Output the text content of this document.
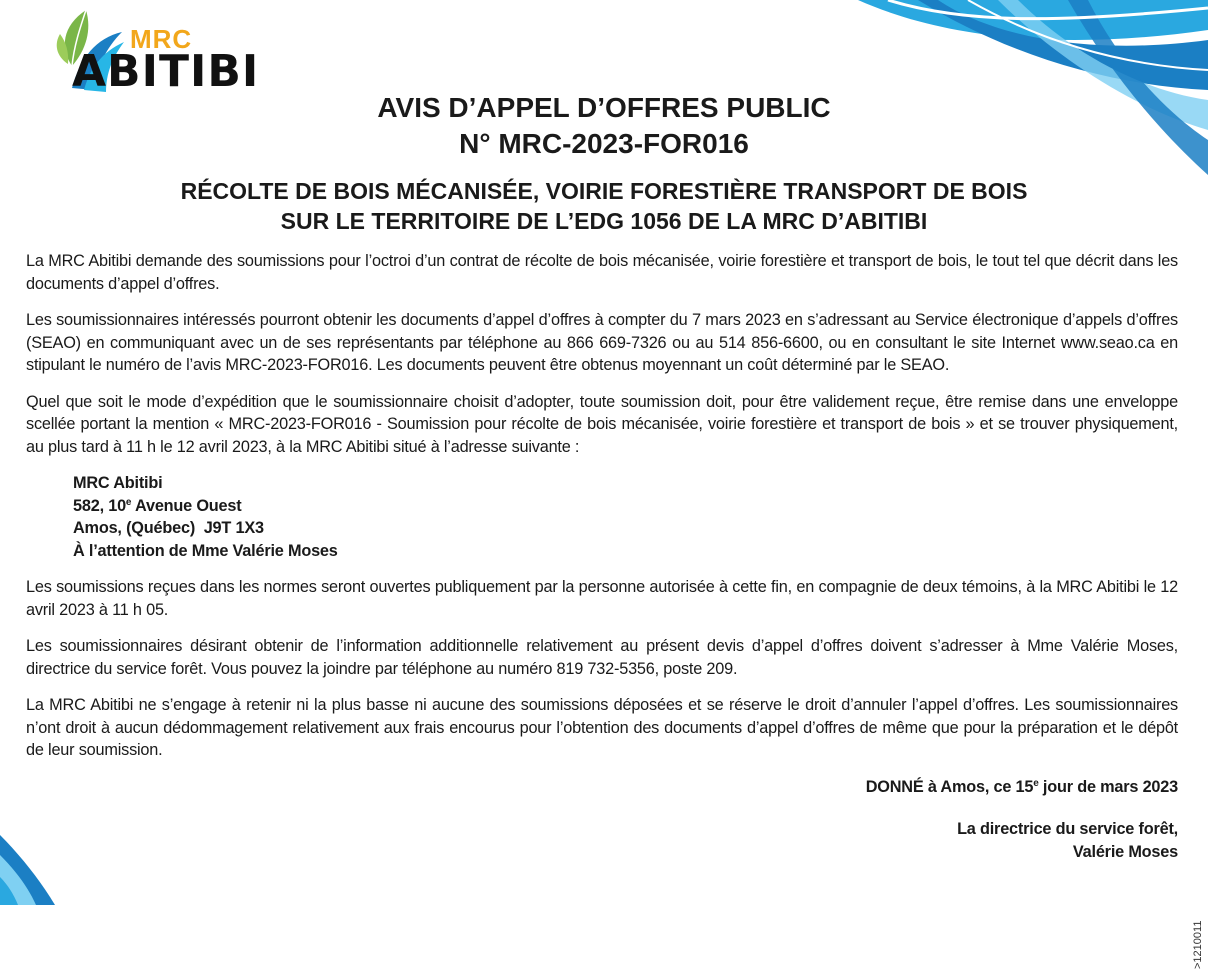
MRC
ABITIBI
AVIS D’APPEL D’OFFRES PUBLIC
N° MRC-2023-FOR016
RÉCOLTE DE BOIS MÉCANISÉE, VOIRIE FORESTIÈRE TRANSPORT DE BOIS
SUR LE TERRITOIRE DE L’EDG 1056 DE LA MRC D’ABITIBI

La MRC Abitibi demande des soumissions pour l’octroi d’un contrat de récolte de bois mécanisée, voirie forestière et transport de bois, le tout tel que décrit dans les documents d’appel d’offres.

Les soumissionnaires intéressés pourront obtenir les documents d’appel d’offres à compter du 7 mars 2023 en s’adressant au Service électronique d’appels d’offres (SEAO) en communiquant avec un de ses représentants par téléphone au 866 669-7326 ou au 514 856-6600, ou en consultant le site Internet www.seao.ca en stipulant le numéro de l’avis MRC-2023-FOR016. Les documents peuvent être obtenus moyennant un coût déterminé par le SEAO.

Quel que soit le mode d’expédition que le soumissionnaire choisit d’adopter, toute soumission doit, pour être validement reçue, être remise dans une enveloppe scellée portant la mention « MRC-2023-FOR016 - Soumission pour récolte de bois mécanisée, voirie forestière et transport de bois » et se trouver physiquement, au plus tard à 11 h le 12 avril 2023, à la MRC Abitibi situé à l’adresse suivante :

MRC Abitibi
582, 10e Avenue Ouest
Amos, (Québec)  J9T 1X3
À l’attention de Mme Valérie Moses

Les soumissions reçues dans les normes seront ouvertes publiquement par la personne autorisée à cette fin, en compagnie de deux témoins, à la MRC Abitibi le 12 avril 2023 à 11 h 05.

Les soumissionnaires désirant obtenir de l’information additionnelle relativement au présent devis d’appel d’offres doivent s’adresser à Mme Valérie Moses, directrice du service forêt. Vous pouvez la joindre par téléphone au numéro 819 732-5356, poste 209.

La MRC Abitibi ne s’engage à retenir ni la plus basse ni aucune des soumissions déposées et se réserve le droit d’annuler l’appel d’offres. Les soumissionnaires n’ont droit à aucun dédommagement relativement aux frais encourus pour l’obtention des documents d’appel d’offres de même que pour la préparation et le dépôt de leur soumission.

DONNÉ à Amos, ce 15e jour de mars 2023
La directrice du service forêt,
Valérie Moses
>1210011
